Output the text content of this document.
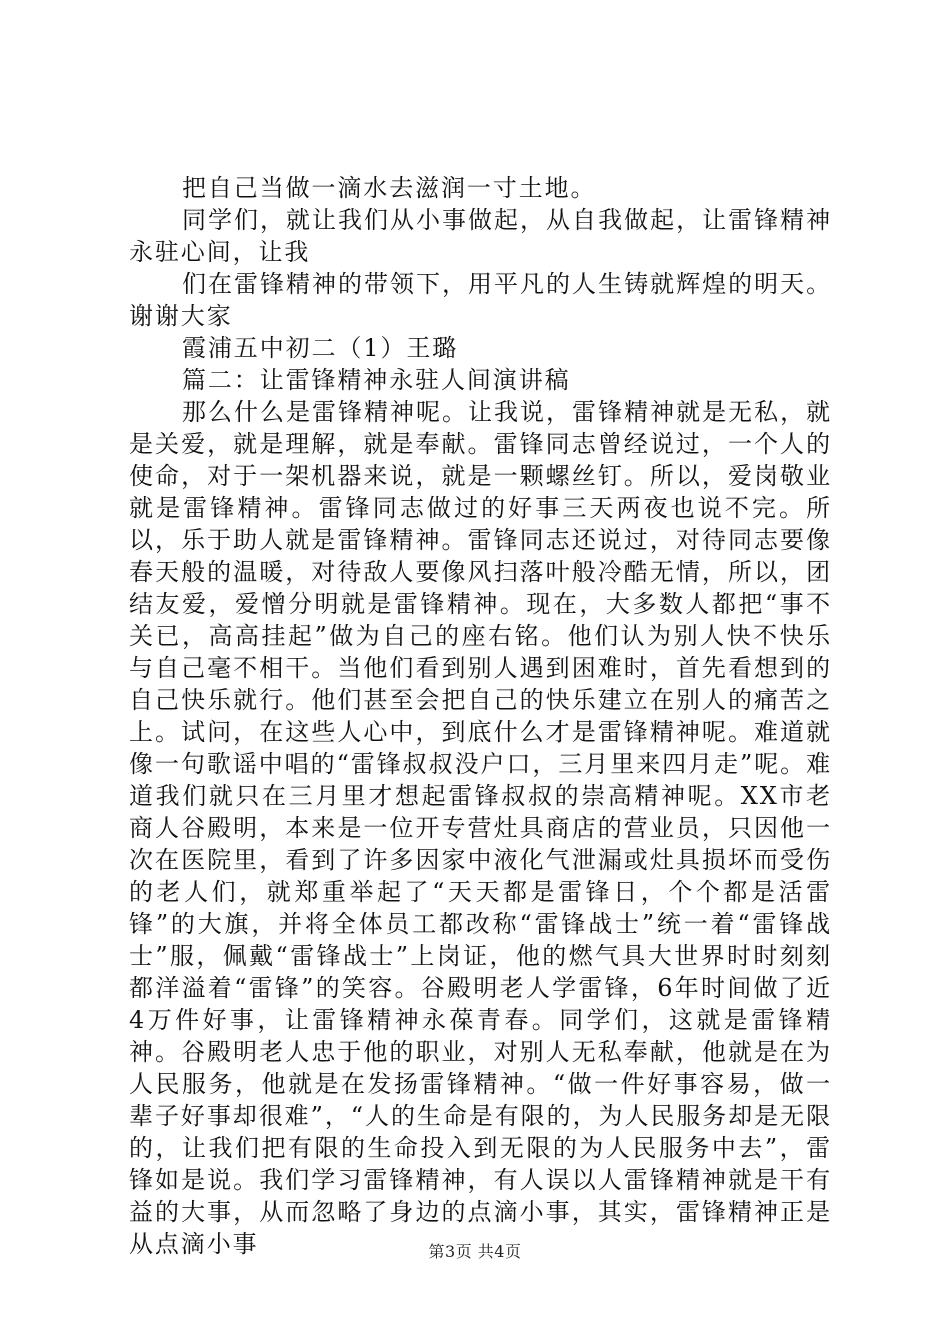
把自己当做一滴水去滋润一寸土地。

同学们，就让我们从小事做起，从自我做起，让雷锋精神永驻心间，让我

们在雷锋精神的带领下，用平凡的人生铸就辉煌的明天。谢谢大家

霞浦五中初二（1）王璐

篇二：让雷锋精神永驻人间演讲稿

那么什么是雷锋精神呢。让我说，雷锋精神就是无私，就是关爱，就是理解，就是奉献。雷锋同志曾经说过，一个人的使命，对于一架机器来说，就是一颗螺丝钉。所以，爱岗敬业就是雷锋精神。雷锋同志做过的好事三天两夜也说不完。所以，乐于助人就是雷锋精神。雷锋同志还说过，对待同志要像春天般的温暖，对待敌人要像风扫落叶般冷酷无情，所以，团结友爱，爱憎分明就是雷锋精神。现在，大多数人都把“事不关已，高高挂起”做为自己的座右铭。他们认为别人快不快乐与自己毫不相干。当他们看到别人遇到困难时，首先看想到的自己快乐就行。他们甚至会把自己的快乐建立在别人的痛苦之上。试问，在这些人心中，到底什么才是雷锋精神呢。难道就像一句歌谣中唱的“雷锋叔叔没户口，三月里来四月走”呢。难道我们就只在三月里才想起雷锋叔叔的崇高精神呢。XX市老商人谷殿明，本来是一位开专营灶具商店的营业员，只因他一次在医院里，看到了许多因家中液化气泄漏或灶具损坏而受伤的老人们，就郑重举起了“天天都是雷锋日，个个都是活雷锋”的大旗，并将全体员工都改称“雷锋战士”统一着“雷锋战士”服，佩戴“雷锋战士”上岗证，他的燃气具大世界时时刻刻都洋溢着“雷锋”的笑容。谷殿明老人学雷锋，6年时间做了近4万件好事，让雷锋精神永葆青春。同学们，这就是雷锋精神。谷殿明老人忠于他的职业，对别人无私奉献，他就是在为人民服务，他就是在发扬雷锋精神。“做一件好事容易，做一辈子好事却很难”，“人的生命是有限的，为人民服务却是无限的，让我们把有限的生命投入到无限的为人民服务中去”，雷锋如是说。我们学习雷锋精神，有人误以人雷锋精神就是干有益的大事，从而忽略了身边的点滴小事，其实，雷锋精神正是从点滴小事	第3页 共4页
